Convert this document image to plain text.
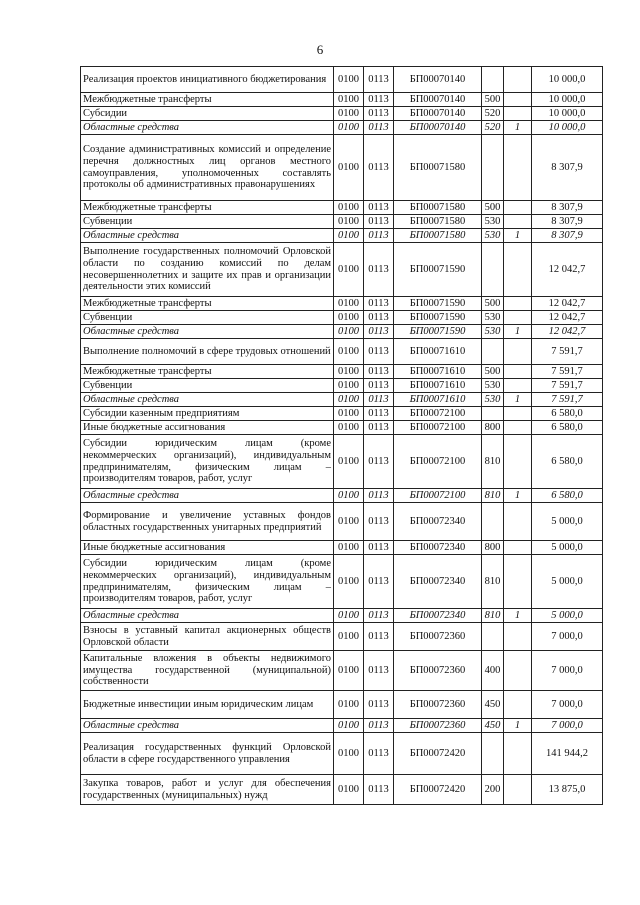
6
Реализация проектов инициативного бюджетирования	0100	0113	БП00070140			10 000,0
Межбюджетные трансферты	0100	0113	БП00070140	500		10 000,0
Субсидии	0100	0113	БП00070140	520		10 000,0
Областные средства	0100	0113	БП00070140	520	1	10 000,0
Создание административных комиссий и определение перечня должностных лиц органов местного самоуправления, уполномоченных составлять протоколы об административных правонарушениях	0100	0113	БП00071580			8 307,9
Межбюджетные трансферты	0100	0113	БП00071580	500		8 307,9
Субвенции	0100	0113	БП00071580	530		8 307,9
Областные средства	0100	0113	БП00071580	530	1	8 307,9
Выполнение государственных полномочий Орловской области по созданию комиссий по делам несовершеннолетних и защите их прав и организации деятельности этих комиссий	0100	0113	БП00071590			12 042,7
Межбюджетные трансферты	0100	0113	БП00071590	500		12 042,7
Субвенции	0100	0113	БП00071590	530		12 042,7
Областные средства	0100	0113	БП00071590	530	1	12 042,7
Выполнение полномочий в сфере трудовых отношений	0100	0113	БП00071610			7 591,7
Межбюджетные трансферты	0100	0113	БП00071610	500		7 591,7
Субвенции	0100	0113	БП00071610	530		7 591,7
Областные средства	0100	0113	БП00071610	530	1	7 591,7
Субсидии казенным предприятиям	0100	0113	БП00072100			6 580,0
Иные бюджетные ассигнования	0100	0113	БП00072100	800		6 580,0
Субсидии юридическим лицам (кроме некоммерческих организаций), индивидуальным предпринимателям, физическим лицам – производителям товаров, работ, услуг	0100	0113	БП00072100	810		6 580,0
Областные средства	0100	0113	БП00072100	810	1	6 580,0
Формирование и увеличение уставных фондов областных государственных унитарных предприятий	0100	0113	БП00072340			5 000,0
Иные бюджетные ассигнования	0100	0113	БП00072340	800		5 000,0
Субсидии юридическим лицам (кроме некоммерческих организаций), индивидуальным предпринимателям, физическим лицам – производителям товаров, работ, услуг	0100	0113	БП00072340	810		5 000,0
Областные средства	0100	0113	БП00072340	810	1	5 000,0
Взносы в уставный капитал акционерных обществ Орловской области	0100	0113	БП00072360			7 000,0
Капитальные вложения в объекты недвижимого имущества государственной (муниципальной) собственности	0100	0113	БП00072360	400		7 000,0
Бюджетные инвестиции иным юридическим лицам	0100	0113	БП00072360	450		7 000,0
Областные средства	0100	0113	БП00072360	450	1	7 000,0
Реализация государственных функций Орловской области в сфере государственного управления	0100	0113	БП00072420			141 944,2
Закупка товаров, работ и услуг для обеспечения государственных (муниципальных) нужд	0100	0113	БП00072420	200		13 875,0
